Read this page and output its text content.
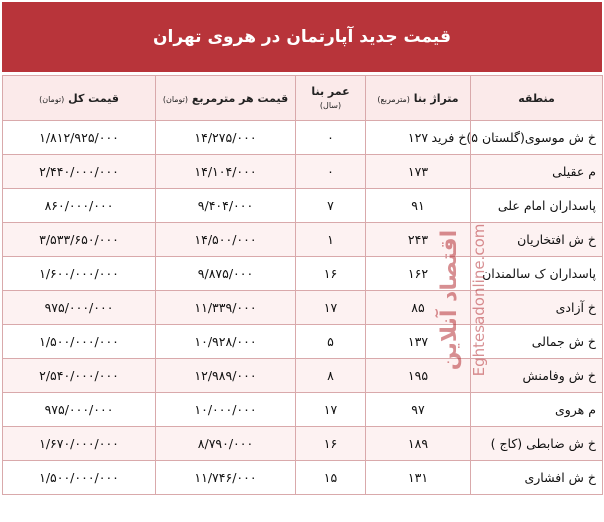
قیمت جدید آپارتمان در هروی تهران
منطقه	متراژ بنا (مترمربع)	عمر بنا (سال)	قیمت هر مترمربع (تومان)	قیمت کل (تومان)
خ ش موسوی(گلستان ۵)خ فرید	۱۲۷	۰	۱۴/۲۷۵/۰۰۰	۱/۸۱۲/۹۲۵/۰۰۰
م عقیلی	۱۷۳	۰	۱۴/۱۰۴/۰۰۰	۲/۴۴۰/۰۰۰/۰۰۰
پاسداران امام علی	۹۱	۷	۹/۴۰۴/۰۰۰	۸۶۰/۰۰۰/۰۰۰
خ ش افتخاریان	۲۴۳	۱	۱۴/۵۰۰/۰۰۰	۳/۵۳۳/۶۵۰/۰۰۰
پاسداران ک سالمندان	۱۶۲	۱۶	۹/۸۷۵/۰۰۰	۱/۶۰۰/۰۰۰/۰۰۰
خ آزادی	۸۵	۱۷	۱۱/۳۳۹/۰۰۰	۹۷۵/۰۰۰/۰۰۰
خ ش جمالی	۱۳۷	۵	۱۰/۹۲۸/۰۰۰	۱/۵۰۰/۰۰۰/۰۰۰
خ ش وفامنش	۱۹۵	۸	۱۲/۹۸۹/۰۰۰	۲/۵۴۰/۰۰۰/۰۰۰
م هروی	۹۷	۱۷	۱۰/۰۰۰/۰۰۰	۹۷۵/۰۰۰/۰۰۰
خ ش ضابطی (کاج )	۱۸۹	۱۶	۸/۷۹۰/۰۰۰	۱/۶۷۰/۰۰۰/۰۰۰
خ ش افشاری	۱۳۱	۱۵	۱۱/۷۴۶/۰۰۰	۱/۵۰۰/۰۰۰/۰۰۰
اقتصاد آنلاین Eghtesadonline.com
